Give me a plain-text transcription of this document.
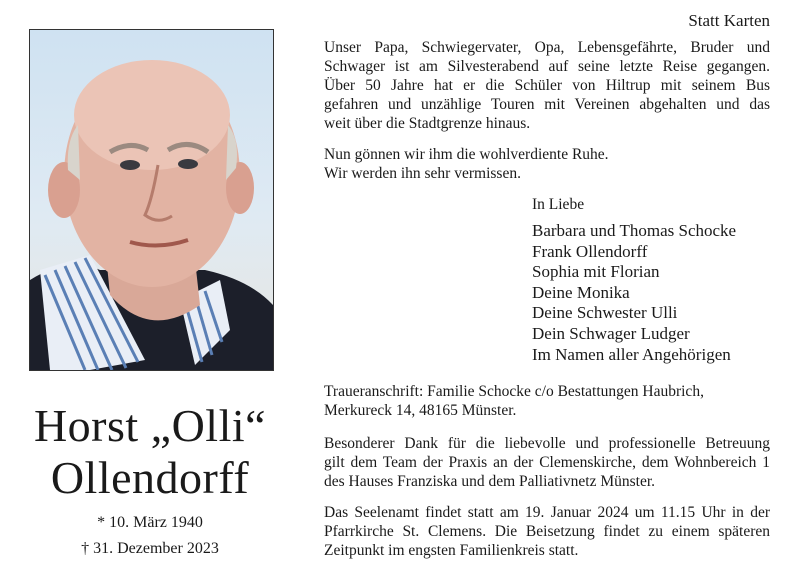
Horst „Olli“
Ollendorff
* 10. März 1940
† 31. Dezember 2023
Statt Karten
Unser Papa, Schwiegervater, Opa, Lebensgefährte, Bruder und
Schwager ist am Silvesterabend auf seine letzte Reise gegangen.
Über 50 Jahre hat er die Schüler von Hiltrup mit seinem Bus
gefahren und unzählige Touren mit Vereinen abgehalten und das
weit über die Stadtgrenze hinaus.
Nun gönnen wir ihm die wohlverdiente Ruhe.
Wir werden ihn sehr vermissen.
In Liebe
Barbara und Thomas Schocke
Frank Ollendorff
Sophia mit Florian
Deine Monika
Deine Schwester Ulli
Dein Schwager Ludger
Im Namen aller Angehörigen
Traueranschrift: Familie Schocke c/o Bestattungen Haubrich,
Merkureck 14, 48165 Münster.
Besonderer Dank für die liebevolle und professionelle Betreuung
gilt dem Team der Praxis an der Clemenskirche, dem Wohnbereich 1
des Hauses Franziska und dem Palliativnetz Münster.
Das Seelenamt findet statt am 19. Januar 2024 um 11.15 Uhr in der
Pfarrkirche St. Clemens. Die Beisetzung findet zu einem späteren
Zeitpunkt im engsten Familienkreis statt.
